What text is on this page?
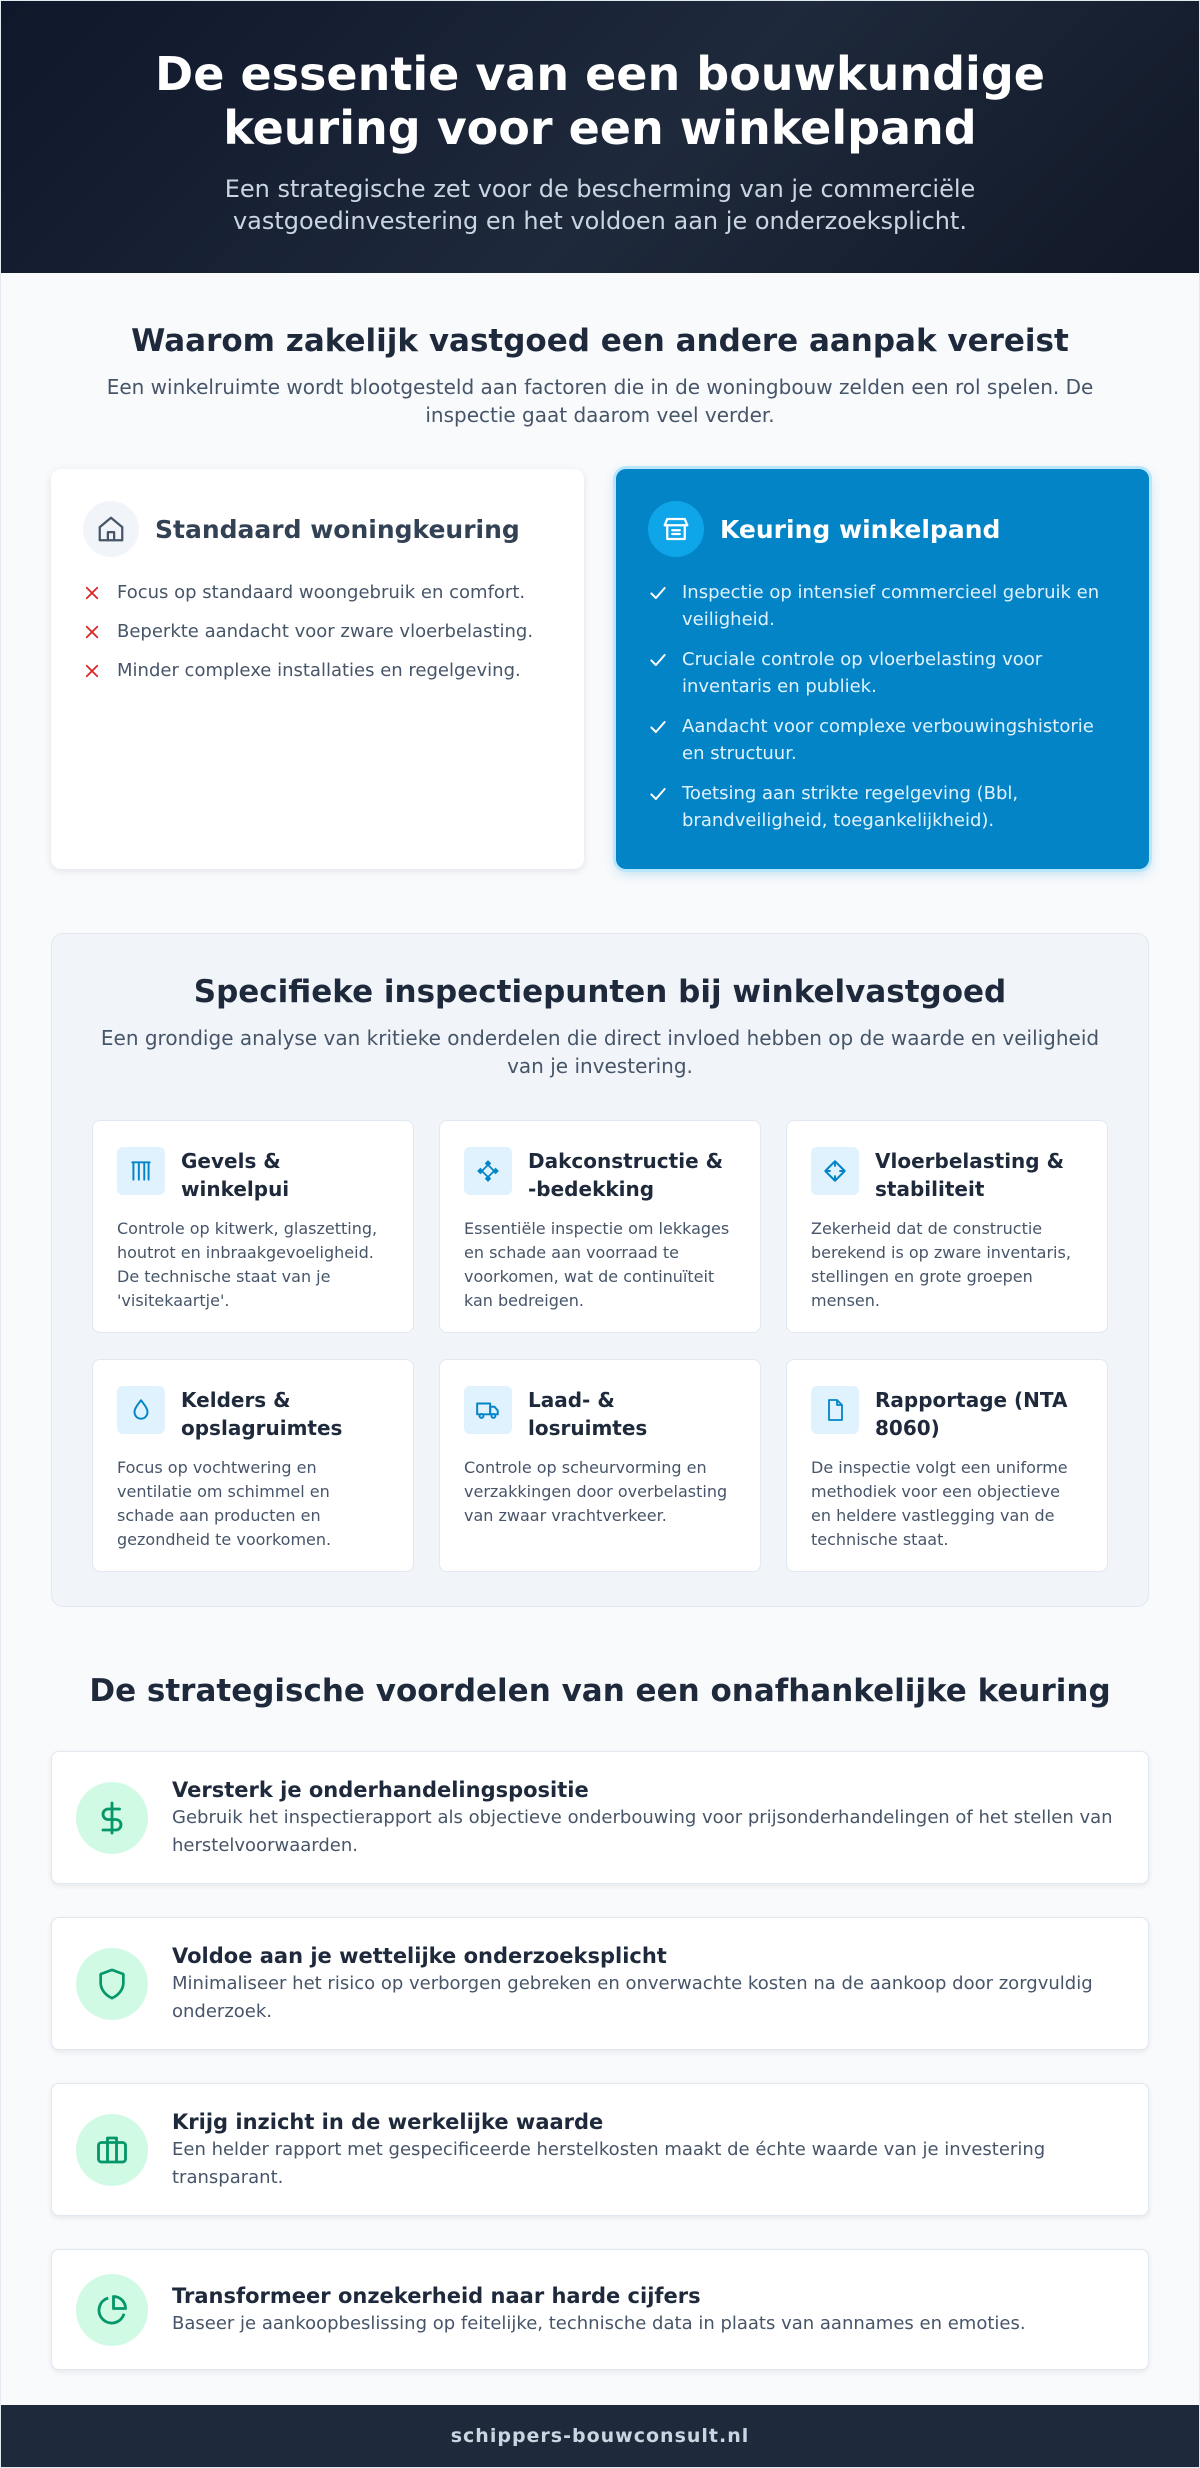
De essentie van een bouwkundige keuring voor een winkelpand

Een strategische zet voor de bescherming van je commerciële vastgoedinvestering en het voldoen aan je onderzoeksplicht.

Waarom zakelijk vastgoed een andere aanpak vereist

Een winkelruimte wordt blootgesteld aan factoren die in de woningbouw zelden een rol spelen. De inspectie gaat daarom veel verder.

Standaard woningkeuring
Focus op standaard woongebruik en comfort.
Beperkte aandacht voor zware vloerbelasting.
Minder complexe installaties en regelgeving.
Keuring winkelpand
Inspectie op intensief commercieel gebruik en veiligheid.
Cruciale controle op vloerbelasting voor inventaris en publiek.
Aandacht voor complexe verbouwingshistorie en structuur.
Toetsing aan strikte regelgeving (Bbl, brandveiligheid, toegankelijkheid).
Specifieke inspectiepunten bij winkelvastgoed

Een grondige analyse van kritieke onderdelen die direct invloed hebben op de waarde en veiligheid van je investering.

Gevels & winkelpui

Controle op kitwerk, glaszetting, houtrot en inbraakgevoeligheid. De technische staat van je 'visitekaartje'.

Dakconstructie & -bedekking

Essentiële inspectie om lekkages en schade aan voorraad te voorkomen, wat de continuïteit kan bedreigen.

Vloerbelasting & stabiliteit

Zekerheid dat de constructie berekend is op zware inventaris, stellingen en grote groepen mensen.

Kelders & opslagruimtes

Focus op vochtwering en ventilatie om schimmel en schade aan producten en gezondheid te voorkomen.

Laad- & losruimtes

Controle op scheurvorming en verzakkingen door overbelasting van zwaar vrachtverkeer.

Rapportage (NTA 8060)

De inspectie volgt een uniforme methodiek voor een objectieve en heldere vastlegging van de technische staat.

De strategische voordelen van een onafhankelijke keuring
Versterk je onderhandelingspositie

Gebruik het inspectierapport als objectieve onderbouwing voor prijsonderhandelingen of het stellen van herstelvoorwaarden.

Voldoe aan je wettelijke onderzoeksplicht

Minimaliseer het risico op verborgen gebreken en onverwachte kosten na de aankoop door zorgvuldig onderzoek.

Krijg inzicht in de werkelijke waarde

Een helder rapport met gespecificeerde herstelkosten maakt de échte waarde van je investering transparant.

Transformeer onzekerheid naar harde cijfers

Baseer je aankoopbeslissing op feitelijke, technische data in plaats van aannames en emoties.

schippers-bouwconsult.nl
